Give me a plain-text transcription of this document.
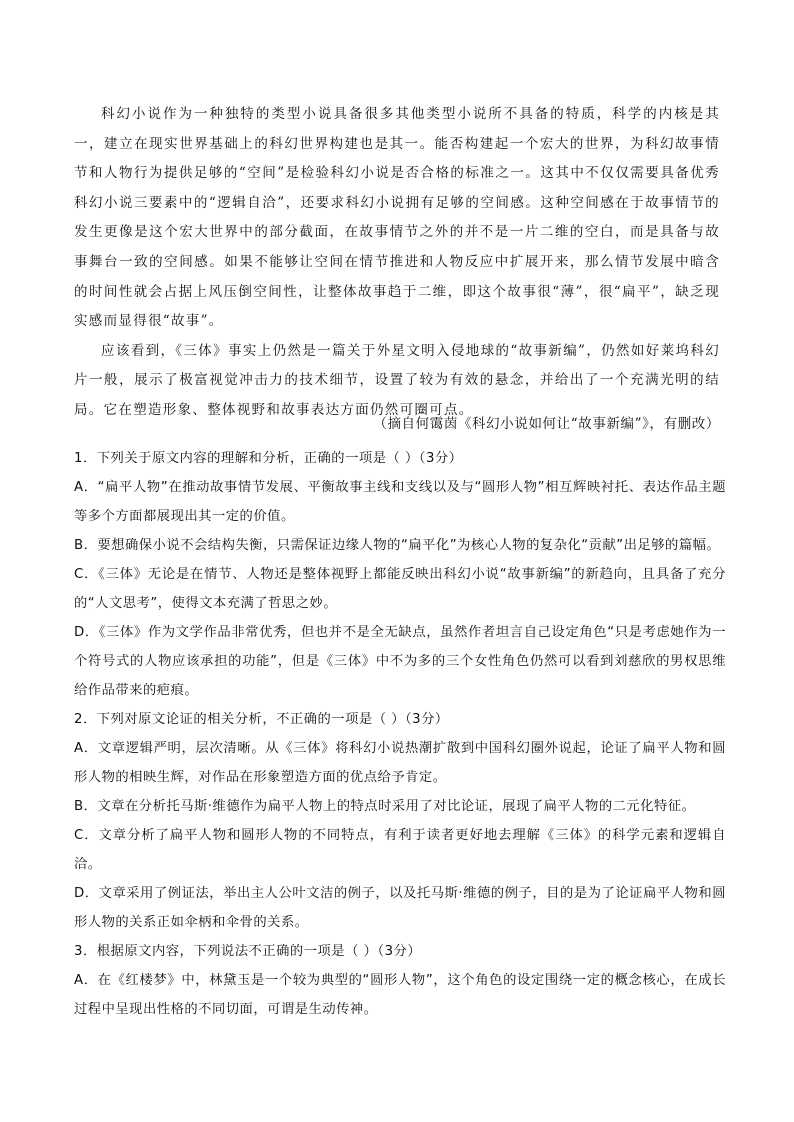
科幻小说作为一种独特的类型小说具备很多其他类型小说所不具备的特质，科学的内核是其一，建立在现实世界基础上的科幻世界构建也是其一。能否构建起一个宏大的世界，为科幻故事情节和人物行为提供足够的“空间”是检验科幻小说是否合格的标准之一。这其中不仅仅需要具备优秀科幻小说三要素中的“逻辑自洽”，还要求科幻小说拥有足够的空间感。这种空间感在于故事情节的发生更像是这个宏大世界中的部分截面，在故事情节之外的并不是一片二维的空白，而是具备与故事舞台一致的空间感。如果不能够让空间在情节推进和人物反应中扩展开来，那么情节发展中暗含的时间性就会占据上风压倒空间性，让整体故事趋于二维，即这个故事很“薄”，很“扁平”，缺乏现实感而显得很“故事”。

应该看到，《三体》事实上仍然是一篇关于外星文明入侵地球的“故事新编”，仍然如好莱坞科幻片一般，展示了极富视觉冲击力的技术细节，设置了较为有效的悬念，并给出了一个充满光明的结局。它在塑造形象、整体视野和故事表达方面仍然可圈可点。

（摘自何霭茵《科幻小说如何让“故事新编”》，有删改）

1．下列关于原文内容的理解和分析，正确的一项是（ ）（3分）

A．“扁平人物”在推动故事情节发展、平衡故事主线和支线以及与“圆形人物”相互辉映衬托、表达作品主题等多个方面都展现出其一定的价值。

B．要想确保小说不会结构失衡，只需保证边缘人物的“扁平化”为核心人物的复杂化“贡献”出足够的篇幅。

C．《三体》无论是在情节、人物还是整体视野上都能反映出科幻小说“故事新编”的新趋向，且具备了充分的“人文思考”，使得文本充满了哲思之妙。

D．《三体》作为文学作品非常优秀，但也并不是全无缺点，虽然作者坦言自己设定角色“只是考虑她作为一个符号式的人物应该承担的功能”，但是《三体》中不为多的三个女性角色仍然可以看到刘慈欣的男权思维给作品带来的疤痕。

2．下列对原文论证的相关分析，不正确的一项是（ ）（3分）

A．文章逻辑严明，层次清晰。从《三体》将科幻小说热潮扩散到中国科幻圈外说起，论证了扁平人物和圆形人物的相映生辉，对作品在形象塑造方面的优点给予肯定。

B．文章在分析托马斯·维德作为扁平人物上的特点时采用了对比论证，展现了扁平人物的二元化特征。

C．文章分析了扁平人物和圆形人物的不同特点，有利于读者更好地去理解《三体》的科学元素和逻辑自洽。

D．文章采用了例证法，举出主人公叶文洁的例子，以及托马斯·维德的例子，目的是为了论证扁平人物和圆形人物的关系正如伞柄和伞骨的关系。

3．根据原文内容，下列说法不正确的一项是（ ）（3分）

A．在《红楼梦》中，林黛玉是一个较为典型的“圆形人物”，这个角色的设定围绕一定的概念核心，在成长过程中呈现出性格的不同切面，可谓是生动传神。
